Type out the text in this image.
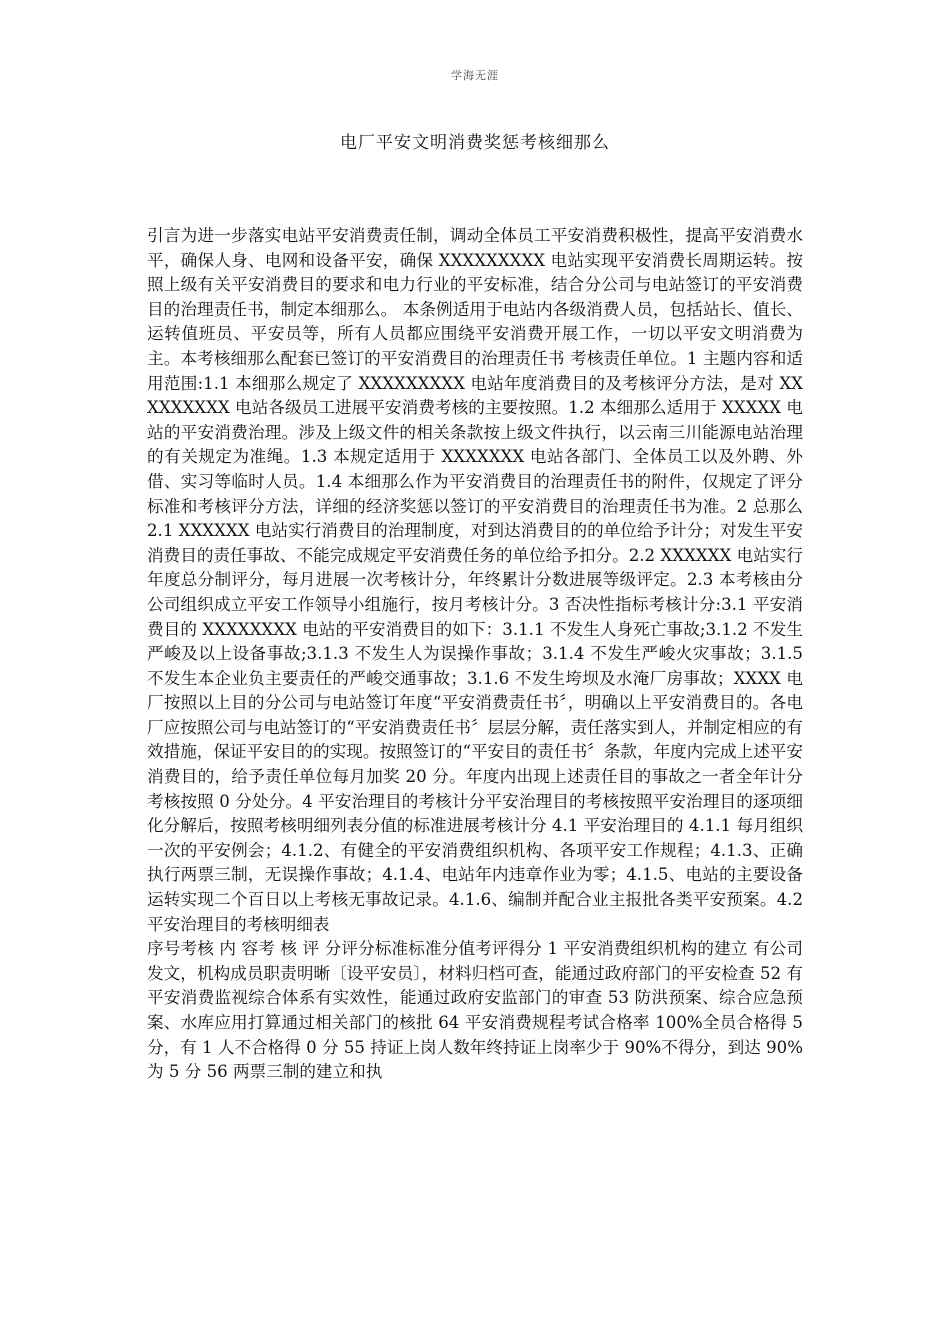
学海无涯
电厂平安文明消费奖惩考核细那么

引言为进一步落实电站平安消费责任制，调动全体员工平安消费积极性，提高平安消费水平，确保人身、电网和设备平安，确保 XXXXXXXXX 电站实现平安消费长周期运转。按照上级有关平安消费目的要求和电力行业的平安标准，结合分公司与电站签订的平安消费目的治理责任书，制定本细那么。 本条例适用于电站内各级消费人员，包括站长、值长、运转值班员、平安员等，所有人员都应围绕平安消费开展工作，一切以平安文明消费为主。本考核细那么配套已签订的平安消费目的治理责任书 考核责任单位。1 主题内容和适用范围:1.1 本细那么规定了 XXXXXXXXX 电站年度消费目的及考核评分方法，是对 XXXXXXXXX 电站各级员工进展平安消费考核的主要按照。1.2 本细那么适用于 XXXXX 电站的平安消费治理。涉及上级文件的相关条款按上级文件执行，以云南三川能源电站治理的有关规定为准绳。1.3 本规定适用于 XXXXXXX 电站各部门、全体员工以及外聘、外借、实习等临时人员。1.4 本细那么作为平安消费目的治理责任书的附件，仅规定了评分标准和考核评分方法，详细的经济奖惩以签订的平安消费目的治理责任书为准。2 总那么 2.1 XXXXXX 电站实行消费目的治理制度，对到达消费目的的单位给予计分；对发生平安消费目的责任事故、不能完成规定平安消费任务的单位给予扣分。2.2 XXXXXX 电站实行年度总分制评分，每月进展一次考核计分，年终累计分数进展等级评定。2.3 本考核由分公司组织成立平安工作领导小组施行，按月考核计分。3 否决性指标考核计分:3.1 平安消费目的 XXXXXXXX 电站的平安消费目的如下：3.1.1 不发生人身死亡事故;3.1.2 不发生严峻及以上设备事故;3.1.3 不发生人为误操作事故；3.1.4 不发生严峻火灾事故；3.1.5 不发生本企业负主要责任的严峻交通事故；3.1.6 不发生垮坝及水淹厂房事故；XXXX 电厂按照以上目的分公司与电站签订年度“平安消费责任书〞，明确以上平安消费目的。各电厂应按照公司与电站签订的“平安消费责任书〞层层分解，责任落实到人，并制定相应的有效措施，保证平安目的的实现。按照签订的“平安目的责任书〞条款，年度内完成上述平安消费目的，给予责任单位每月加奖 20 分。年度内出现上述责任目的事故之一者全年计分考核按照 0 分处分。4 平安治理目的考核计分平安治理目的考核按照平安治理目的逐项细化分解后，按照考核明细列表分值的标准进展考核计分 4.1 平安治理目的 4.1.1 每月组织一次的平安例会；4.1.2、有健全的平安消费组织机构、各项平安工作规程；4.1.3、正确执行两票三制，无误操作事故；4.1.4、电站年内违章作业为零；4.1.5、电站的主要设备运转实现二个百日以上考核无事故记录。4.1.6、编制并配合业主报批各类平安预案。4.2 平安治理目的考核明细表

序号考核 内 容考 核 评 分评分标准标准分值考评得分 1 平安消费组织机构的建立 有公司发文，机构成员职责明晰〔设平安员〕，材料归档可查，能通过政府部门的平安检查 52 有平安消费监视综合体系有实效性，能通过政府安监部门的审查 53 防洪预案、综合应急预案、水库应用打算通过相关部门的核批 64 平安消费规程考试合格率 100%全员合格得 5 分，有 1 人不合格得 0 分 55 持证上岗人数年终持证上岗率少于 90%不得分，到达 90%为 5 分 56 两票三制的建立和执
